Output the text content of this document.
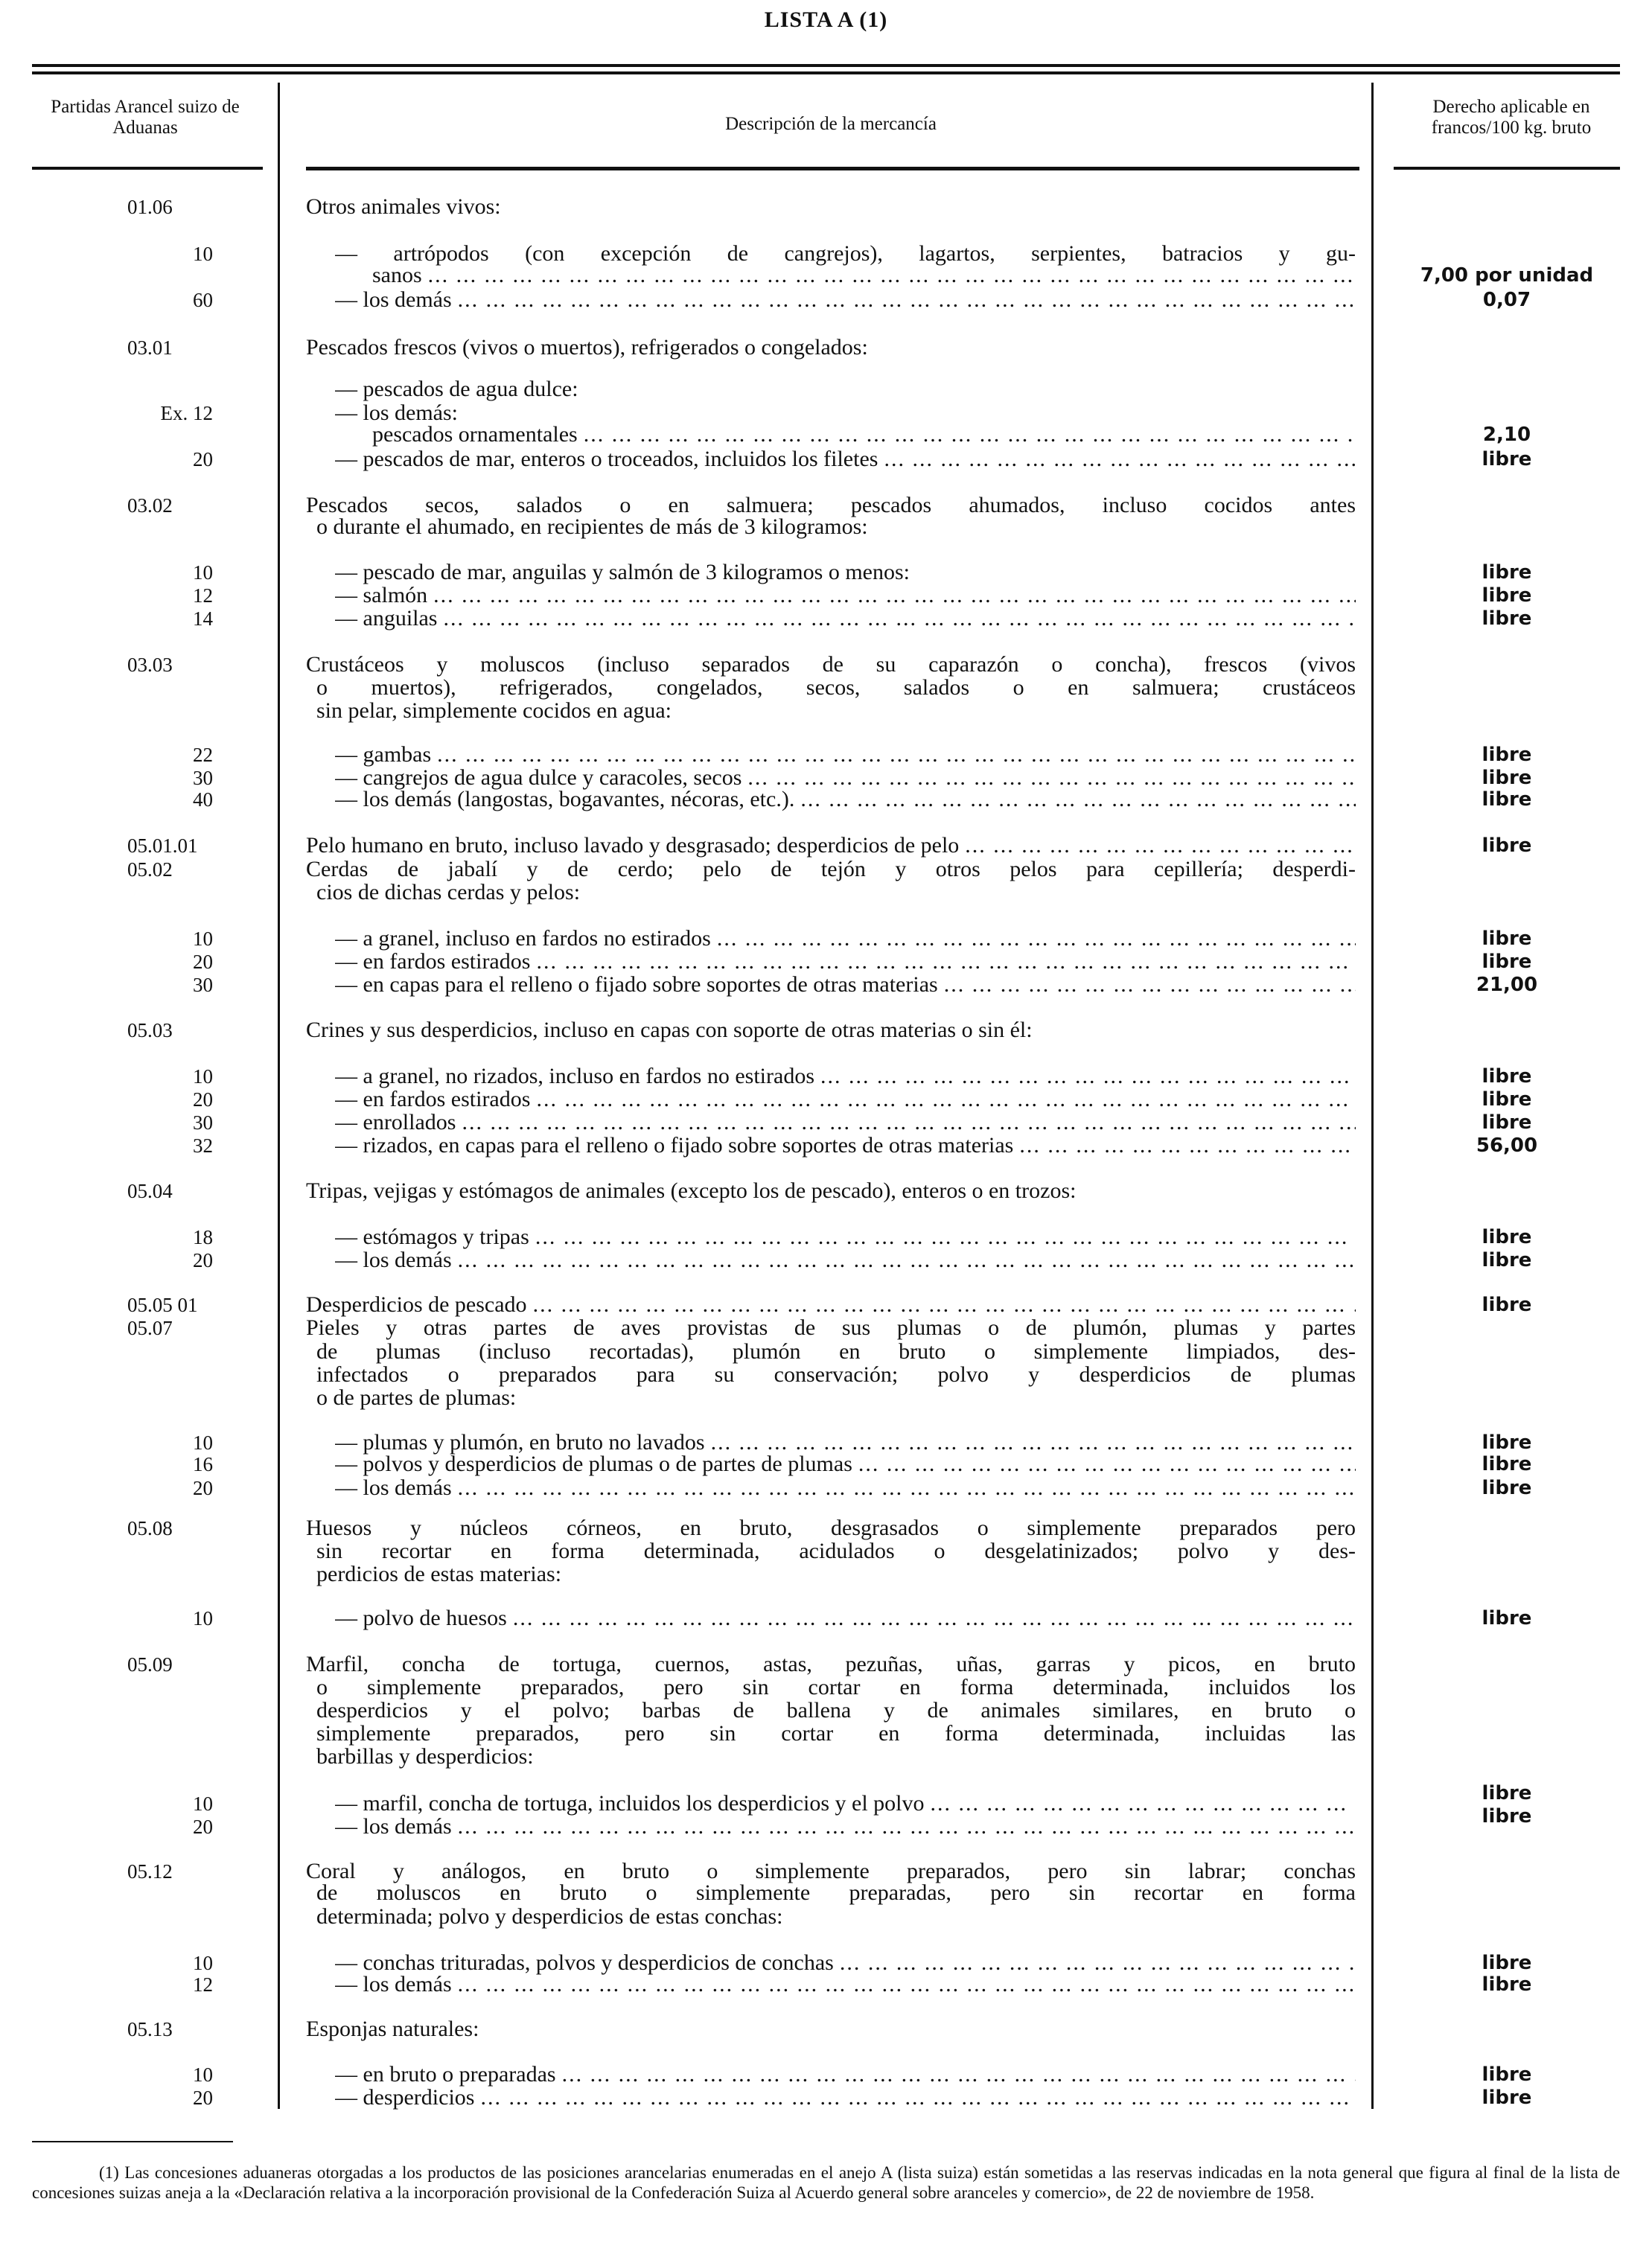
LISTA A (1)
Partidas Arancel suizo de Aduanas	Descripción de la mercancía
Derecho aplicable en francos/100 kg. bruto
01.06	Otros animales vivos:
10	— artrópodos (con excepción de cangrejos), lagartos, serpientes, batracios y gu-
sanos ... .	7,00 por unidad
60	— los demás ... .	0,07
03.01	Pescados frescos (vivos o muertos), refrigerados o congelados:
— pescados de agua dulce:
Ex. 12	— los demás:
pescados ornamentales ... .	2,10
20	— pescados de mar, enteros o troceados, incluidos los filetes ... .	libre
03.02	Pescados secos, salados o en salmuera; pescados ahumados, incluso cocidos antes
o durante el ahumado, en recipientes de más de 3 kilogramos:
10	— pescado de mar, anguilas y salmón de 3 kilogramos o menos:	libre
12	— salmón ... .	libre
14	— anguilas ... .	libre
03.03	Crustáceos y moluscos (incluso separados de su caparazón o concha), frescos (vivos
o muertos), refrigerados, congelados, secos, salados o en salmuera; crustáceos
sin pelar, simplemente cocidos en agua:
22	— gambas ... .	libre
30	— cangrejos de agua dulce y caracoles, secos ... .	libre
40	— los demás (langostas, bogavantes, nécoras, etc.). ... .	libre
05.01.01	Pelo humano en bruto, incluso lavado y desgrasado; desperdicios de pelo ... .	libre
05.02	Cerdas de jabalí y de cerdo; pelo de tejón y otros pelos para cepillería; desperdi-
cios de dichas cerdas y pelos:
10	— a granel, incluso en fardos no estirados ... .	libre
20	— en fardos estirados ... .	libre
30	— en capas para el relleno o fijado sobre soportes de otras materias ... .	21,00
05.03	Crines y sus desperdicios, incluso en capas con soporte de otras materias o sin él:
10	— a granel, no rizados, incluso en fardos no estirados ... .	libre
20	— en fardos estirados ... .	libre
30	— enrollados ... .	libre
32	— rizados, en capas para el relleno o fijado sobre soportes de otras materias ... .	56,00
05.04	Tripas, vejigas y estómagos de animales (excepto los de pescado), enteros o en trozos:
18	— estómagos y tripas ... .	libre
20	— los demás ... .	libre
05.05 01	Desperdicios de pescado ... .	libre
05.07	Pieles y otras partes de aves provistas de sus plumas o de plumón, plumas y partes
de plumas (incluso recortadas), plumón en bruto o simplemente limpiados, des-
infectados o preparados para su conservación; polvo y desperdicios de plumas
o de partes de plumas:
10	— plumas y plumón, en bruto no lavados ... .	libre
16	— polvos y desperdicios de plumas o de partes de plumas ... .	libre
20	— los demás ... .	libre
05.08	Huesos y núcleos córneos, en bruto, desgrasados o simplemente preparados pero
sin recortar en forma determinada, acidulados o desgelatinizados; polvo y des-
perdicios de estas materias:
10	— polvo de huesos ... .	libre
05.09	Marfil, concha de tortuga, cuernos, astas, pezuñas, uñas, garras y picos, en bruto
o simplemente preparados, pero sin cortar en forma determinada, incluidos los
desperdicios y el polvo; barbas de ballena y de animales similares, en bruto o
simplemente preparados, pero sin cortar en forma determinada, incluidas las
barbillas y desperdicios:
10	— marfil, concha de tortuga, incluidos los desperdicios y el polvo ... .	libre
20	— los demás ... .	libre
05.12	Coral y análogos, en bruto o simplemente preparados, pero sin labrar; conchas
de moluscos en bruto o simplemente preparadas, pero sin recortar en forma
determinada; polvo y desperdicios de estas conchas:
10	— conchas trituradas, polvos y desperdicios de conchas ... .	libre
12	— los demás ... .	libre
05.13	Esponjas naturales:
10	— en bruto o preparadas ... .	libre
20	— desperdicios ... .	libre
(1) Las concesiones aduaneras otorgadas a los productos de las posiciones arancelarias enumeradas en el anejo A (lista suiza) están sometidas a las reservas indicadas en la nota general que figura al final de la lista de concesiones suizas aneja a la «Declaración relativa a la incorporación provisional de la Confederación Suiza al Acuerdo general sobre aranceles y comercio», de 22 de noviembre de 1958.
